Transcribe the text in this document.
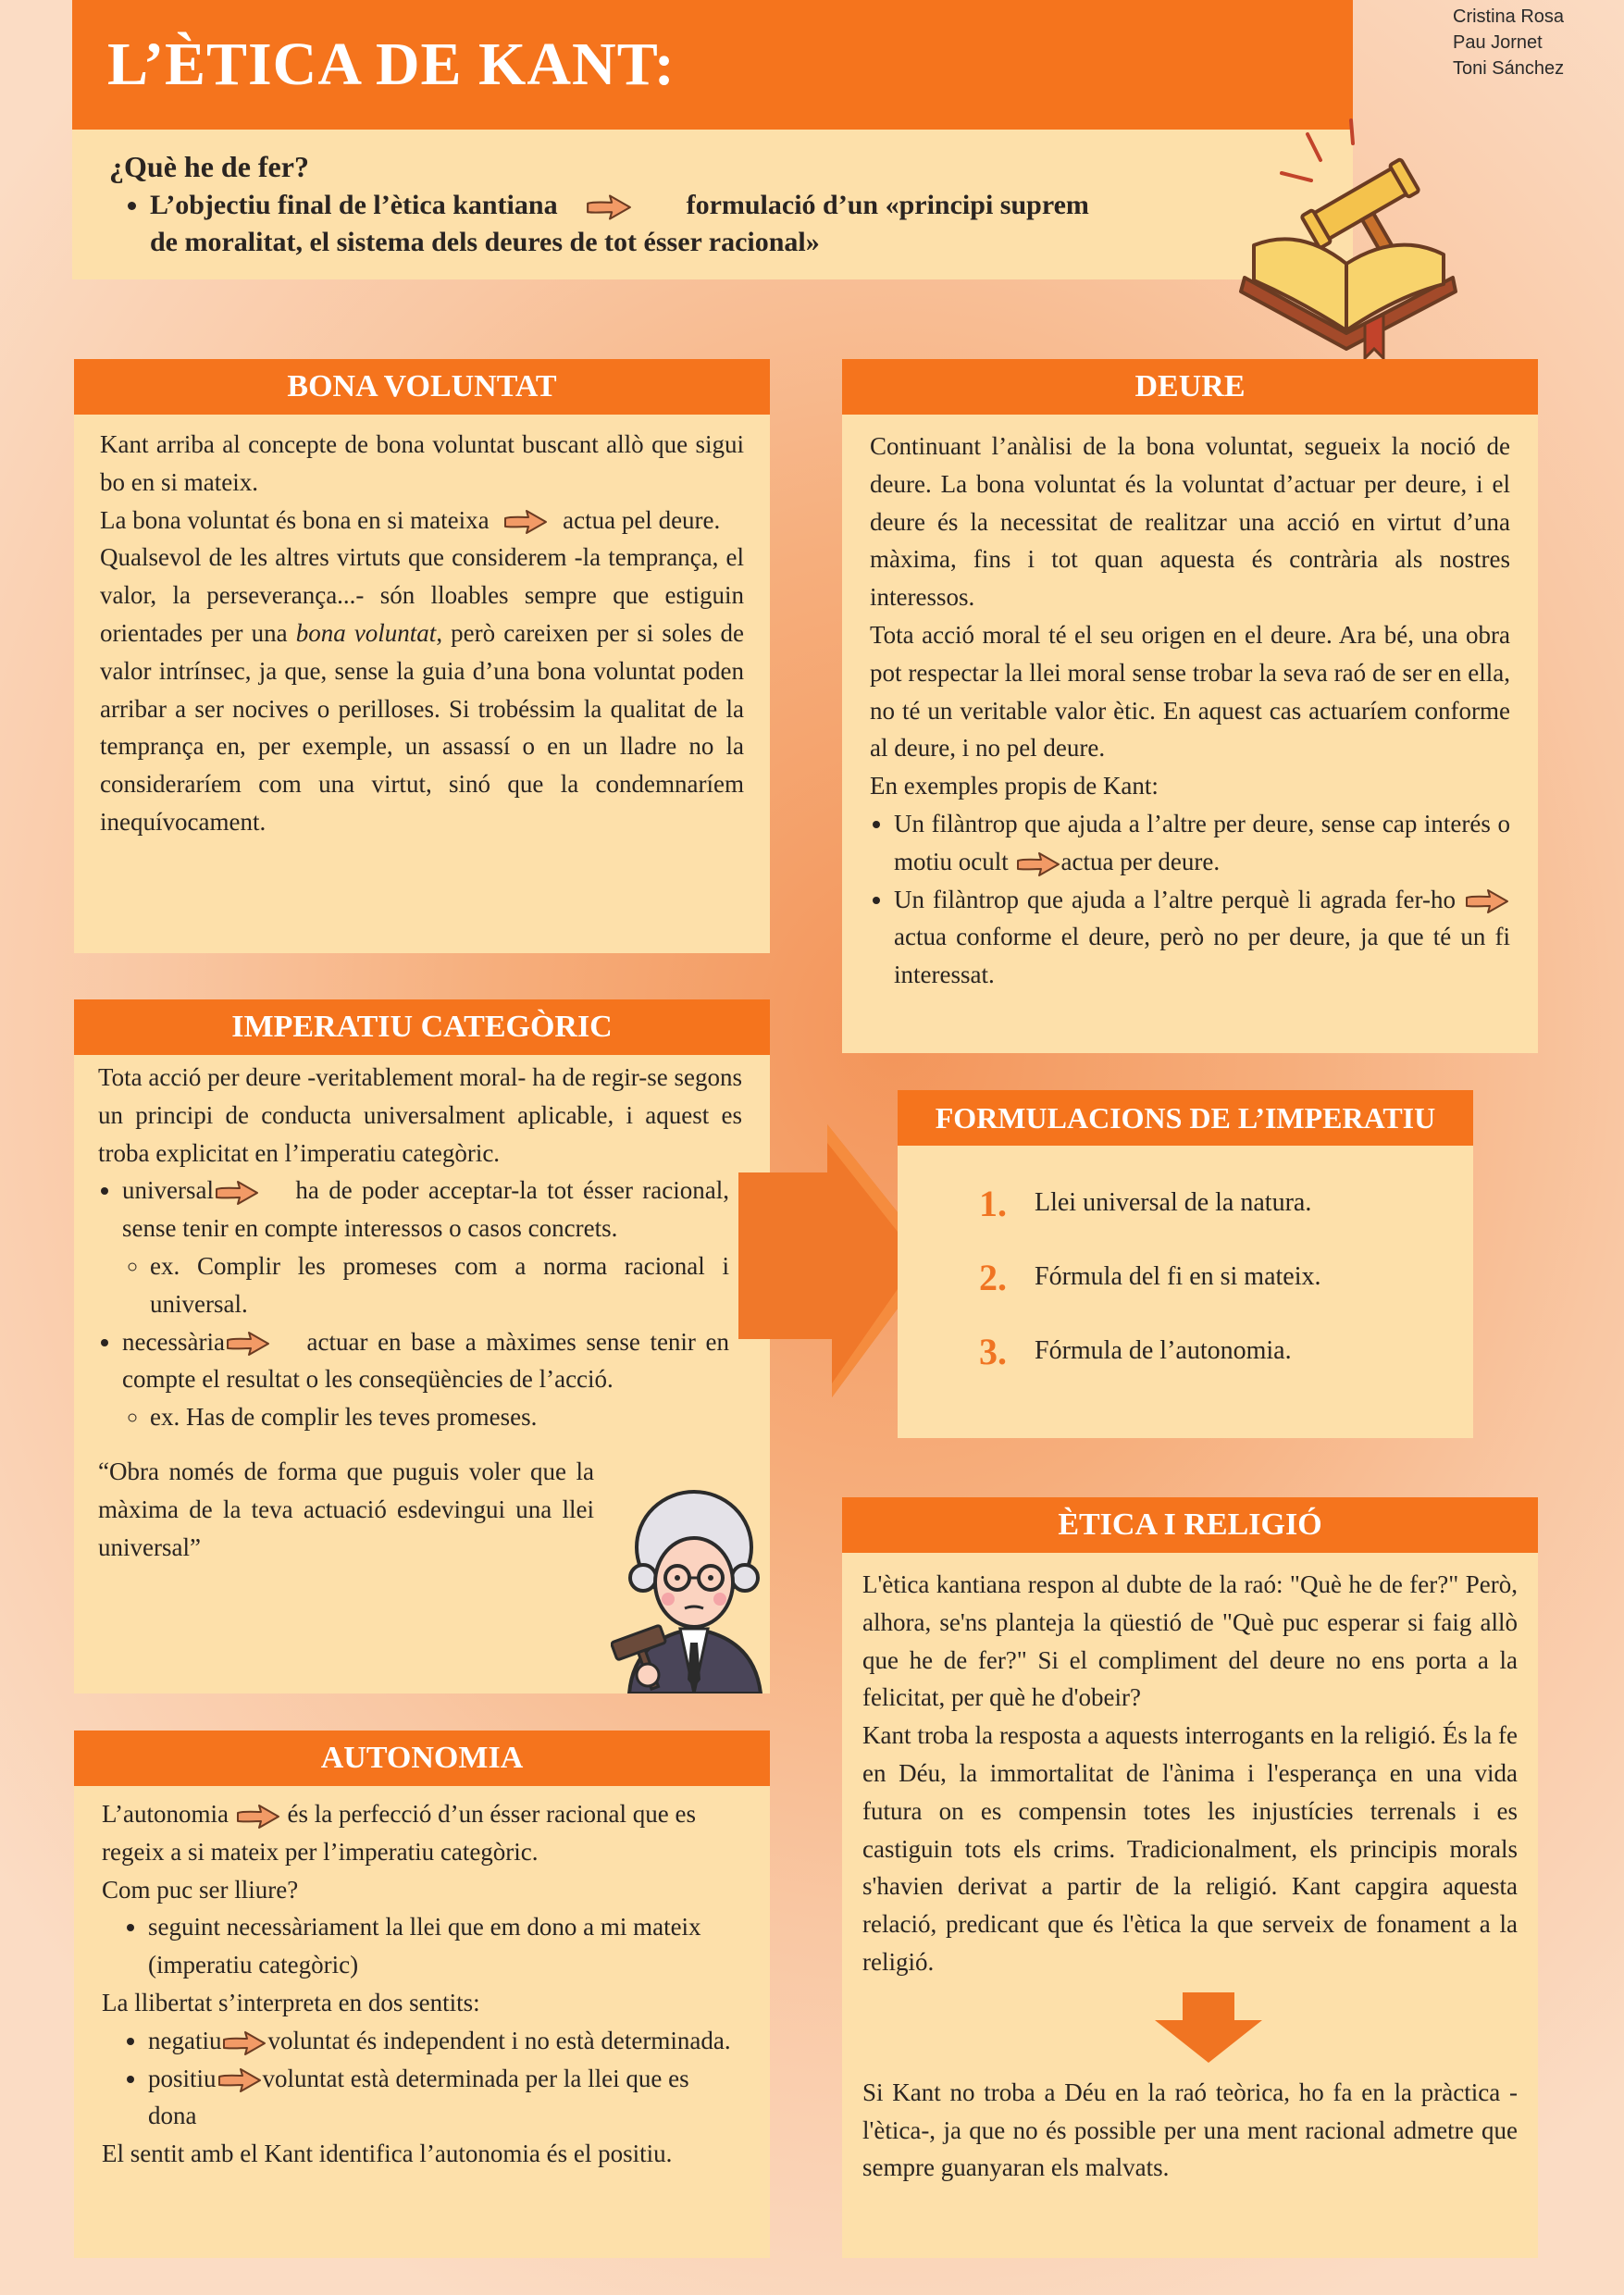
L’ÈTICA DE KANT:
Cristina Rosa
Pau Jornet
Toni Sánchez
¿Què he de fer?
• L’objectiu final de l’ètica kantiana	formulació d’un «principi suprem
de moralitat, el sistema dels deures de tot ésser racional»
BONA VOLUNTAT

Kant arriba al concepte de bona voluntat buscant allò que sigui bo en si mateix.

La bona voluntat és bona en si mateixa	actua pel deure.

Qualsevol de les altres virtuts que considerem -la temprança, el valor, la perseverança...- són lloables sempre que estiguin orientades per una bona voluntat, però careixen per si soles de valor intrínsec, ja que, sense la guia d’una bona voluntat poden arribar a ser nocives o perilloses. Si trobéssim la qualitat de la temprança en, per exemple, un assassí o en un lladre no la consideraríem com una virtut, sinó que la condemnaríem inequívocament.

DEURE

Continuant l’anàlisi de la bona voluntat, segueix la noció de deure. La bona voluntat és la voluntat d’actuar per deure, i el deure és la necessitat de realitzar una acció en virtut d’una màxima, fins i tot quan aquesta és contrària als nostres interessos.

Tota acció moral té el seu origen en el deure. Ara bé, una obra pot respectar la llei moral sense trobar la seva raó de ser en ella, no té un veritable valor ètic. En aquest cas actuaríem conforme al deure, i no pel deure.

En exemples propis de Kant:

• Un filàntrop que ajuda a l’altre per deure, sense cap interés o motiu ocult actua per deure.
• Un filàntrop que ajuda a l’altre perquè li agrada fer-ho actua conforme el deure, però no per deure, ja que té un fi interessat.
IMPERATIU CATEGÒRIC

Tota acció per deure -veritablement moral- ha de regir-se segons un principi de conducta universalment aplicable, i aquest es troba explicitat en l’imperatiu categòric.

• universal	ha de poder acceptar-la tot ésser racional, sense tenir en compte interessos o casos concrets.
◦ ex. Complir les promeses com a norma racional i universal.
• necessària	actuar en base a màximes sense tenir en compte el resultat o les conseqüències de l’acció.
◦ ex. Has de complir les teves promeses.

“Obra només de forma que puguis voler que la màxima de la teva actuació esdevingui una llei universal”

FORMULACIONS DE L’IMPERATIU
1.	Llei universal de la natura.
2.	Fórmula del fi en si mateix.
3.	Fórmula de l’autonomia.
AUTONOMIA

L’autonomia és la perfecció d’un ésser racional que es regeix a si mateix per l’imperatiu categòric.

Com puc ser lliure?

• seguint necessàriament la llei que em dono a mi mateix (imperatiu categòric)

La llibertat s’interpreta en dos sentits:

• negatiu voluntat és independent i no està determinada.
• positiu voluntat està determinada per la llei que es dona

El sentit amb el Kant identifica l’autonomia és el positiu.

ÈTICA I RELIGIÓ

L'ètica kantiana respon al dubte de la raó: "Què he de fer?" Però, alhora, se'ns planteja la qüestió de "Què puc esperar si faig allò que he de fer?" Si el compliment del deure no ens porta a la felicitat, per què he d'obeir?

Kant troba la resposta a aquests interrogants en la religió. És la fe en Déu, la immortalitat de l'ànima i l'esperança en una vida futura on es compensin totes les injustícies terrenals i es castiguin tots els crims. Tradicionalment, els principis morals s'havien derivat a partir de la religió. Kant capgira aquesta relació, predicant que és l'ètica la que serveix de fonament a la religió.

Si Kant no troba a Déu en la raó teòrica, ho fa en la pràctica -l'ètica-, ja que no és possible per una ment racional admetre que sempre guanyaran els malvats.
